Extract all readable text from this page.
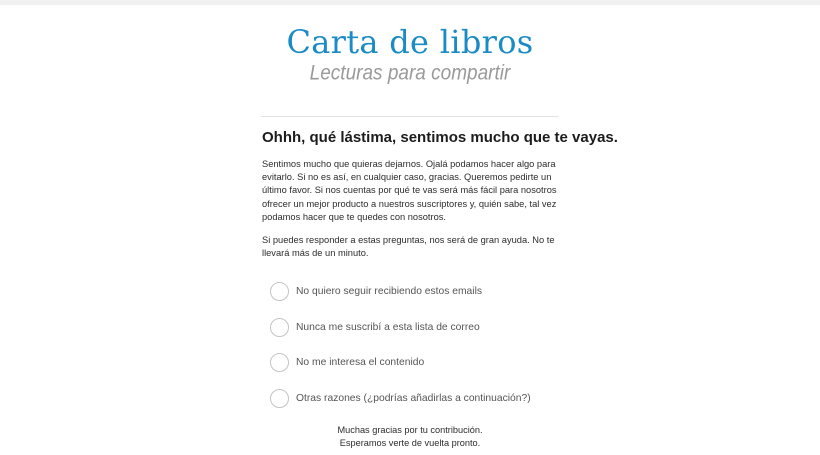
Carta de libros
Lecturas para compartir
Ohhh, qué lástima, sentimos mucho que te vayas.
Sentimos mucho que quieras dejarnos. Ojalá podamos hacer algo para evitarlo. Si no es así, en cualquier caso, gracias. Queremos pedirte un último favor. Si nos cuentas por qué te vas será más fácil para nosotros ofrecer un mejor producto a nuestros suscriptores y, quién sabe, tal vez podamos hacer que te quedes con nosotros.
Si puedes responder a estas preguntas, nos será de gran ayuda. No te llevará más de un minuto.
No quiero seguir recibiendo estos emails
Nunca me suscribí a esta lista de correo
No me interesa el contenido
Otras razones (¿podrías añadirlas a continuación?)
Muchas gracias por tu contribución.
Esperamos verte de vuelta pronto.
